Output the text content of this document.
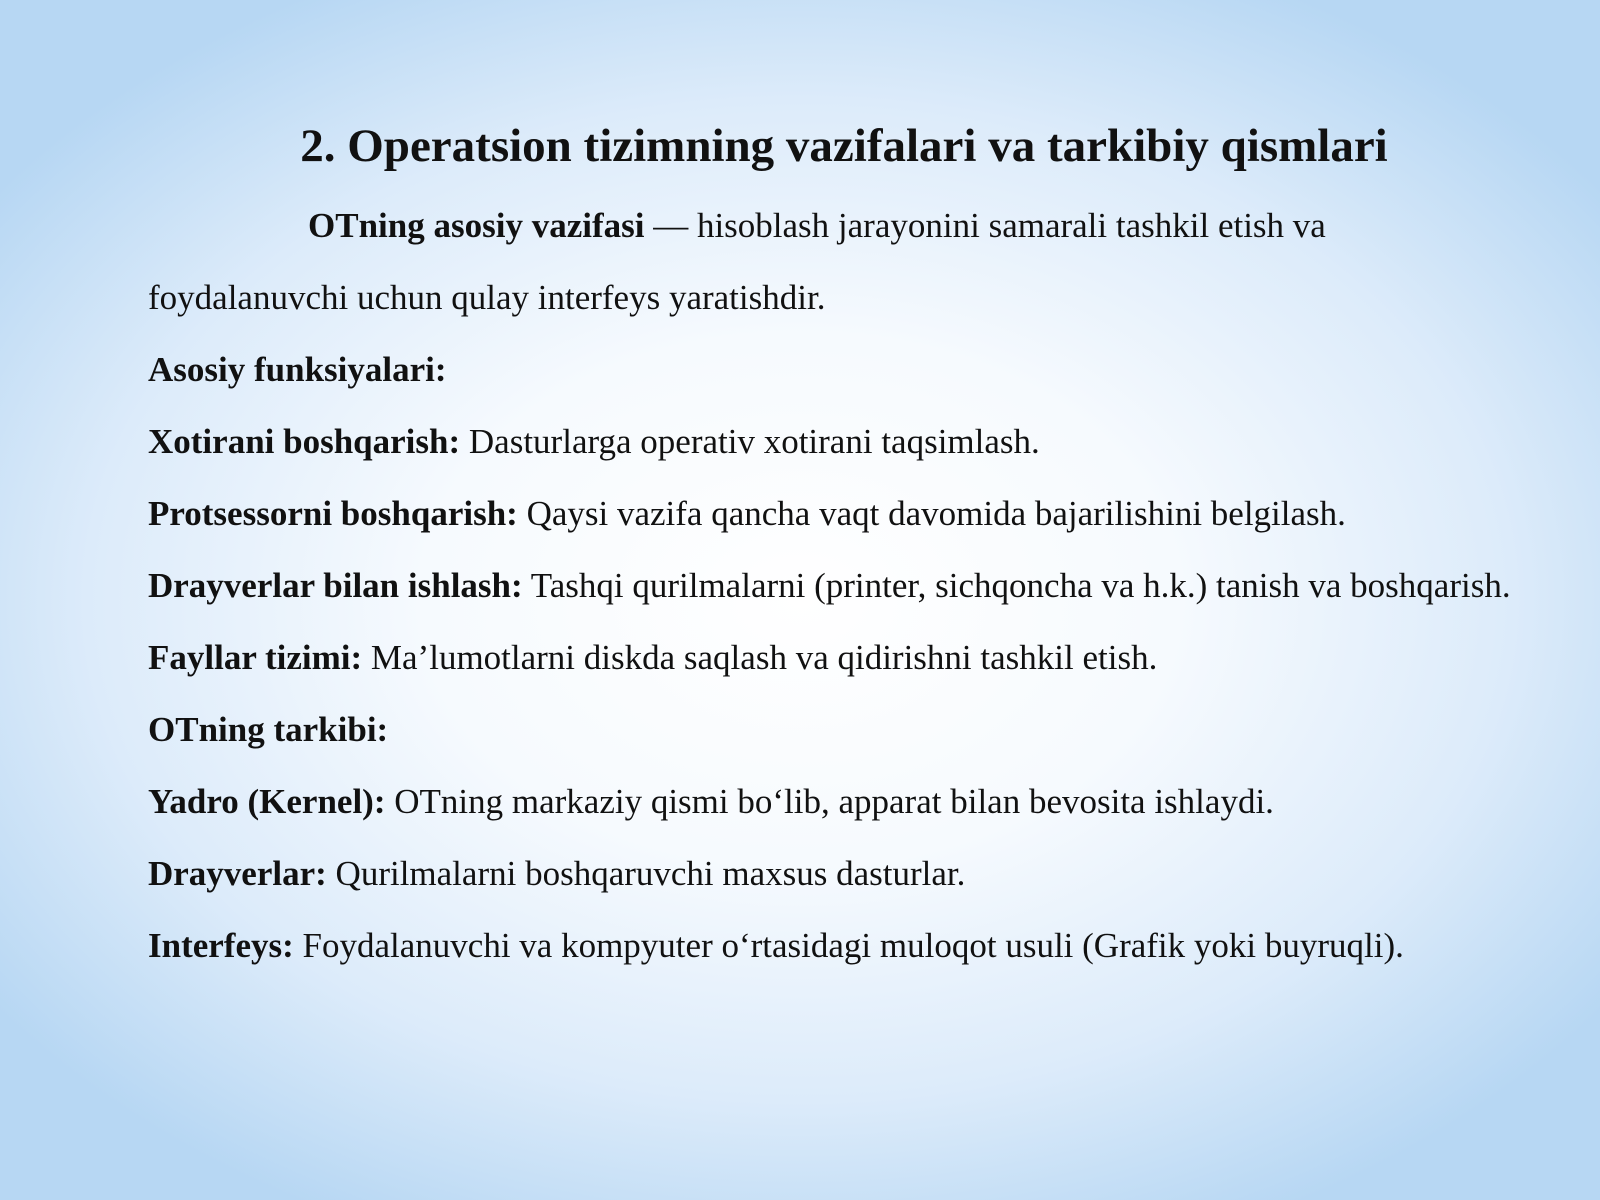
2. Operatsion tizimning vazifalari va tarkibiy qismlari

OTning asosiy vazifasi — hisoblash jarayonini samarali tashkil etish va foydalanuvchi uchun qulay interfeys yaratishdir.

Asosiy funksiyalari:

Xotirani boshqarish: Dasturlarga operativ xotirani taqsimlash.

Protsessorni boshqarish: Qaysi vazifa qancha vaqt davomida bajarilishini belgilash.

Drayverlar bilan ishlash: Tashqi qurilmalarni (printer, sichqoncha va h.k.) tanish va boshqarish.

Fayllar tizimi: Ma’lumotlarni diskda saqlash va qidirishni tashkil etish.

OTning tarkibi:

Yadro (Kernel): OTning markaziy qismi bo‘lib, apparat bilan bevosita ishlaydi.

Drayverlar: Qurilmalarni boshqaruvchi maxsus dasturlar.

Interfeys: Foydalanuvchi va kompyuter o‘rtasidagi muloqot usuli (Grafik yoki buyruqli).
